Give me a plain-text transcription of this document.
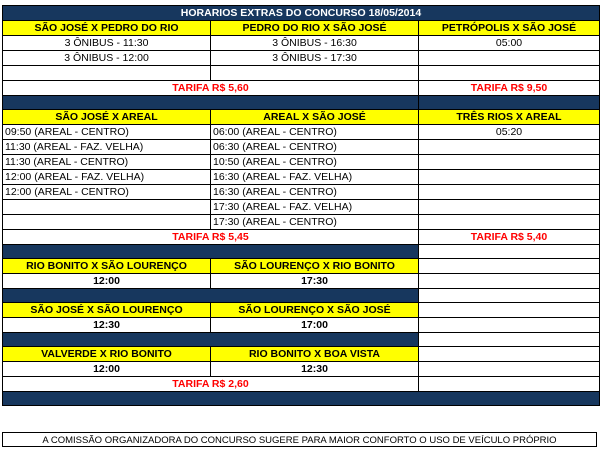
HORARIOS EXTRAS DO CONCURSO 18/05/2014		
SÃO JOSÉ X PEDRO DO RIO	PEDRO DO RIO X SÃO JOSÉ	PETRÓPOLIS X SÃO JOSÉ
3 ÔNIBUS - 11:30	3 ÔNIBUS - 16:30	05:00
3 ÔNIBUS - 12:00	3 ÔNIBUS - 17:30	

TARIFA R$ 5,60		TARIFA R$ 9,50

SÃO JOSÉ X AREAL	AREAL X SÃO JOSÉ	TRÊS RIOS X AREAL
09:50 (AREAL - CENTRO)	06:00 (AREAL - CENTRO)	05:20
11:30 (AREAL - FAZ. VELHA)	06:30 (AREAL - CENTRO)	
11:30 (AREAL - CENTRO)	10:50 (AREAL - CENTRO)	
12:00 (AREAL - FAZ. VELHA)	16:30 (AREAL - FAZ. VELHA)	
12:00 (AREAL - CENTRO)	16:30 (AREAL - CENTRO)	
	17:30 (AREAL - FAZ. VELHA)	
	17:30 (AREAL - CENTRO)	
TARIFA R$ 5,45		TARIFA R$ 5,40

RIO BONITO X SÃO LOURENÇO	SÃO LOURENÇO X RIO BONITO	
12:00	17:30	

SÃO JOSÉ X SÃO LOURENÇO	SÃO LOURENÇO X SÃO JOSÉ	
12:30	17:00	

VALVERDE X RIO BONITO	RIO BONITO X BOA VISTA	
12:00	12:30	
TARIFA R$ 2,60		

A COMISSÃO ORGANIZADORA DO CONCURSO SUGERE PARA MAIOR CONFORTO O USO DE VEÍCULO PRÓPRIO
